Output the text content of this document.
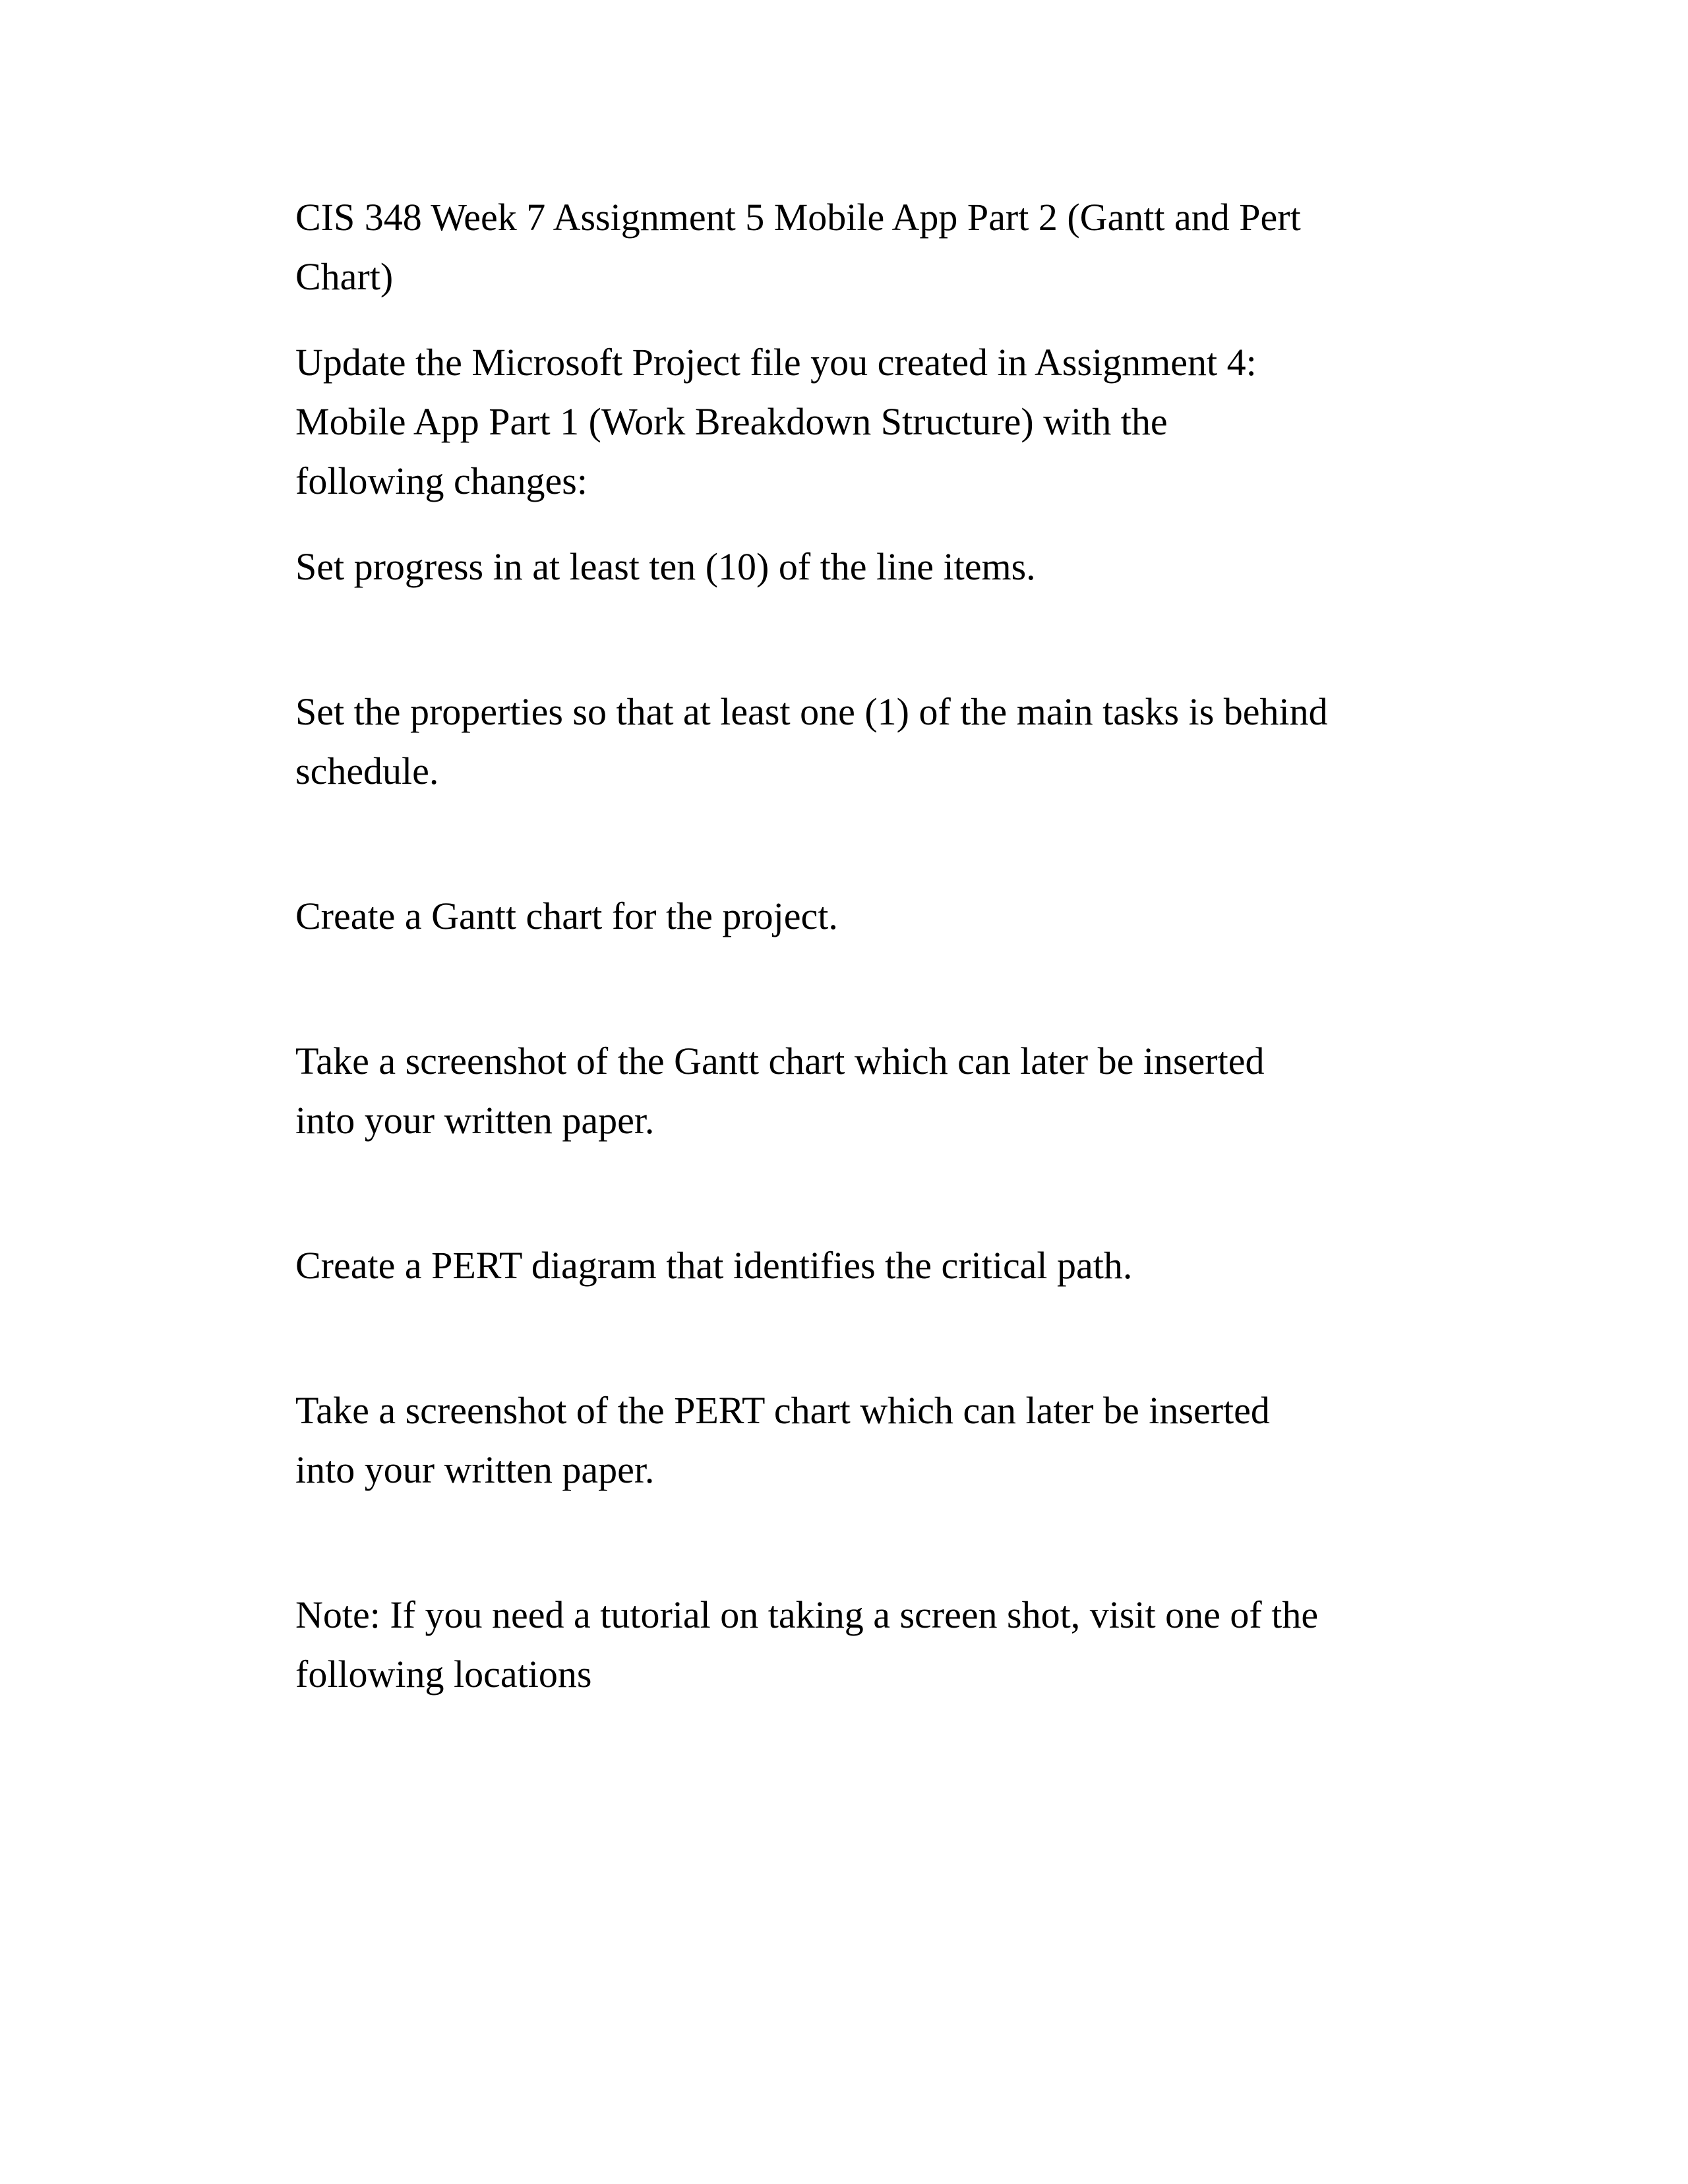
CIS 348 Week 7 Assignment 5 Mobile App Part 2 (Gantt and Pert
Chart)

Update the Microsoft Project file you created in Assignment 4:
Mobile App Part 1 (Work Breakdown Structure) with the
following changes:

Set progress in at least ten (10) of the line items.

Set the properties so that at least one (1) of the main tasks is behind
schedule.

Create a Gantt chart for the project.

Take a screenshot of the Gantt chart which can later be inserted
into your written paper.

Create a PERT diagram that identifies the critical path.

Take a screenshot of the PERT chart which can later be inserted
into your written paper.

Note: If you need a tutorial on taking a screen shot, visit one of the
following locations
